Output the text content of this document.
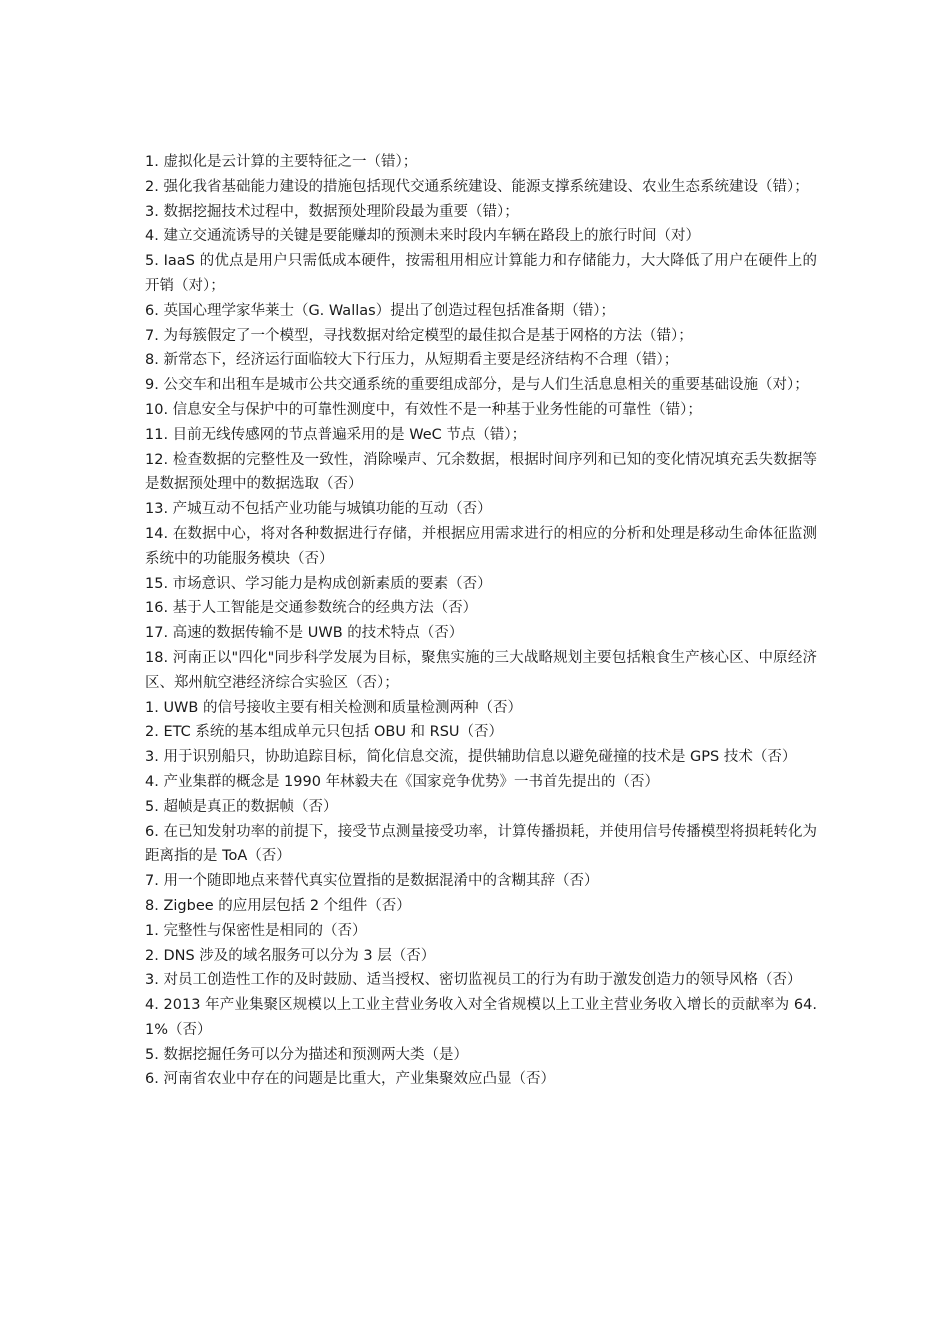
1. 虚拟化是云计算的主要特征之一（错）；

2. 强化我省基础能力建设的措施包括现代交通系统建设、能源支撑系统建设、农业生态系统建设（错）；

3. 数据挖掘技术过程中，数据预处理阶段最为重要（错）；

4. 建立交通流诱导的关键是要能赚却的预测未来时段内车辆在路段上的旅行时间（对）

5. IaaS 的优点是用户只需低成本硬件，按需租用相应计算能力和存储能力，大大降低了用户在硬件上的开销（对）；

6. 英国心理学家华莱士（G. Wallas）提出了创造过程包括准备期（错）；

7. 为每簇假定了一个模型，寻找数据对给定模型的最佳拟合是基于网格的方法（错）；

8. 新常态下，经济运行面临较大下行压力，从短期看主要是经济结构不合理（错）；

9. 公交车和出租车是城市公共交通系统的重要组成部分，是与人们生活息息相关的重要基础设施（对）；

10. 信息安全与保护中的可靠性测度中，有效性不是一种基于业务性能的可靠性（错）；

11. 目前无线传感网的节点普遍采用的是 WeC 节点（错）；

12. 检查数据的完整性及一致性，消除噪声、冗余数据，根据时间序列和已知的变化情况填充丢失数据等是数据预处理中的数据选取（否）

13. 产城互动不包括产业功能与城镇功能的互动（否）

14. 在数据中心，将对各种数据进行存储，并根据应用需求进行的相应的分析和处理是移动生命体征监测系统中的功能服务模块（否）

15. 市场意识、学习能力是构成创新素质的要素（否）

16. 基于人工智能是交通参数统合的经典方法（否）

17. 高速的数据传输不是 UWB 的技术特点（否）

18. 河南正以"四化"同步科学发展为目标，聚焦实施的三大战略规划主要包括粮食生产核心区、中原经济区、郑州航空港经济综合实验区（否）；

1. UWB 的信号接收主要有相关检测和质量检测两种（否）

2. ETC 系统的基本组成单元只包括 OBU 和 RSU（否）

3. 用于识别船只，协助追踪目标，简化信息交流，提供辅助信息以避免碰撞的技术是 GPS 技术（否）

4. 产业集群的概念是 1990 年林毅夫在《国家竞争优势》一书首先提出的（否）

5. 超帧是真正的数据帧（否）

6. 在已知发射功率的前提下，接受节点测量接受功率，计算传播损耗，并使用信号传播模型将损耗转化为距离指的是 ToA（否）

7. 用一个随即地点来替代真实位置指的是数据混淆中的含糊其辞（否）

8. Zigbee 的应用层包括 2 个组件（否）

1. 完整性与保密性是相同的（否）

2. DNS 涉及的域名服务可以分为 3 层（否）

3. 对员工创造性工作的及时鼓励、适当授权、密切监视员工的行为有助于激发创造力的领导风格（否）

4. 2013 年产业集聚区规模以上工业主营业务收入对全省规模以上工业主营业务收入增长的贡献率为 64.1%（否）

5. 数据挖掘任务可以分为描述和预测两大类（是）

6. 河南省农业中存在的问题是比重大，产业集聚效应凸显（否）
